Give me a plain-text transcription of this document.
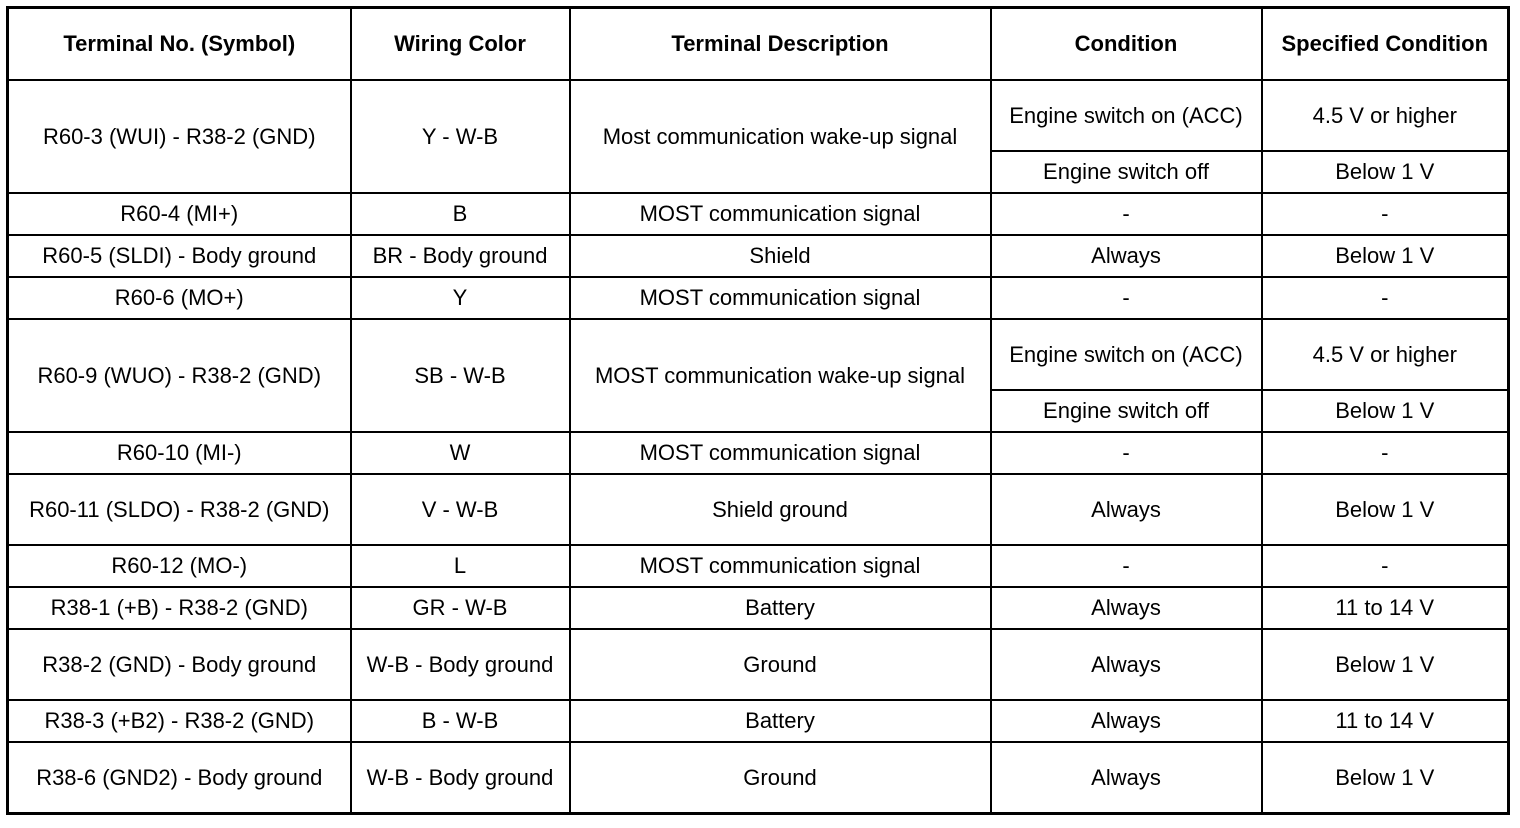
Terminal No. (Symbol)	Wiring Color	Terminal Description	Condition	Specified Condition
R60-3 (WUI) - R38-2 (GND)	Y - W-B	Most communication wake-up signal	Engine switch on (ACC)	4.5 V or higher
			Engine switch off	Below 1 V
R60-4 (MI+)	B	MOST communication signal	-	-
R60-5 (SLDI) - Body ground	BR - Body ground	Shield	Always	Below 1 V
R60-6 (MO+)	Y	MOST communication signal	-	-
R60-9 (WUO) - R38-2 (GND)	SB - W-B	MOST communication wake-up signal	Engine switch on (ACC)	4.5 V or higher
			Engine switch off	Below 1 V
R60-10 (MI-)	W	MOST communication signal	-	-
R60-11 (SLDO) - R38-2 (GND)	V - W-B	Shield ground	Always	Below 1 V
R60-12 (MO-)	L	MOST communication signal	-	-
R38-1 (+B) - R38-2 (GND)	GR - W-B	Battery	Always	11 to 14 V
R38-2 (GND) - Body ground	W-B - Body ground	Ground	Always	Below 1 V
R38-3 (+B2) - R38-2 (GND)	B - W-B	Battery	Always	11 to 14 V
R38-6 (GND2) - Body ground	W-B - Body ground	Ground	Always	Below 1 V
